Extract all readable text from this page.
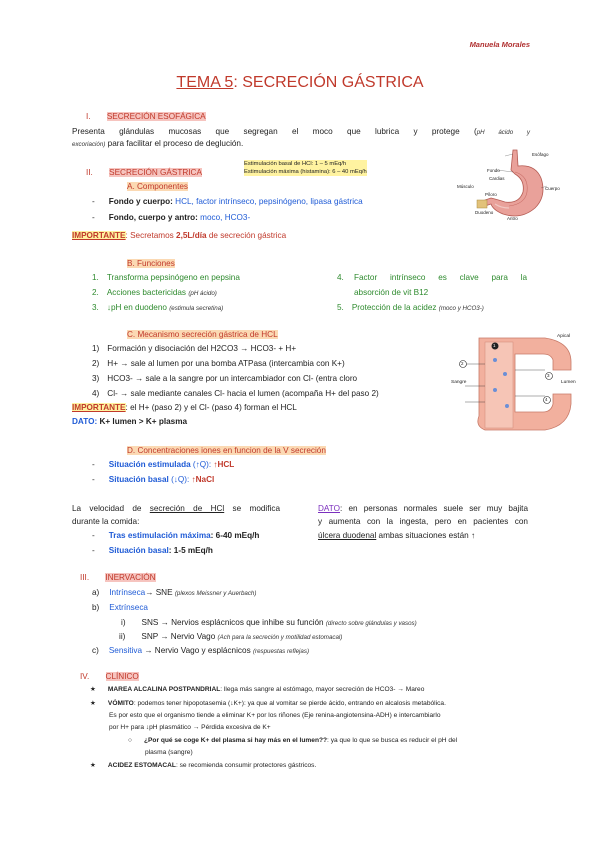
Manuela Morales
TEMA 5: SECRECIÓN GÁSTRICA
I. SECRECIÓN ESOFÁGICA
Presenta glándulas mucosas que segregan el moco que lubrica y protege (pH ácido y
excoriación) para facilitar el proceso de deglución.
II. SECRECIÓN GÁSTRICA
Estimulación basal de HCl: 1 – 5 mEq/h
Estimulación máxima (histamina): 6 – 40 mEq/h
A. Componentes
- Fondo y cuerpo: HCL, factor intrínseco, pepsinógeno, lipasa gástrica
- Fondo, cuerpo y antro: moco, HCO3-
IMPORTANTE: Secretamos 2,5L/día de secreción gástrica
B. Funciones
1. Transforma pepsinógeno en pepsina
2. Acciones bactericidas (pH ácido)
3. ↓pH en duodeno (estimula secretina)
4. Factor intrínseco es clave para la
absorción de vit B12
5. Protección de la acidez (moco y HCO3-)
C. Mecanismo secreción gástrica de HCL
1) Formación y disociación del H2CO3 → HCO3- + H+
2) H+ → sale al lumen por una bomba ATPasa (intercambia con K+)
3) HCO3- → sale a la sangre por un intercambiador con Cl- (entra cloro
4) Cl- → sale mediante canales Cl- hacia el lumen (acompaña H+ del paso 2)
IMPORTANTE: el H+ (paso 2) y el Cl- (paso 4) forman el HCL
DATO: K+ lumen > K+ plasma
D. Concentraciones iones en funcion de la V secreción
- Situación estimulada (↑Q): ↑HCL
- Situación basal (↓Q): ↑NaCl
La velocidad de secreción de HCl se modifica
durante la comida:
- Tras estimulación máxima: 6-40 mEq/h
- Situación basal: 1-5 mEq/h
DATO: en personas normales suele ser muy bajita
y aumenta con la ingesta, pero en pacientes con
úlcera duodenal ambas situaciones están ↑
III. INERVACIÓN
a) Intrínseca→ SNE (plexos Meissner y Auerbach)
b) Extrínseca
i) SNS → Nervios esplácnicos que inhibe su función (directo sobre glándulas y vasos)
ii) SNP → Nervio Vago (Ach para la secreción y motilidad estomacal)
c) Sensitiva → Nervio Vago y esplácnicos (respuestas reflejas)
IV. CLÍNICO
★ MAREA ALCALINA POSTPANDRIAL: llega más sangre al estómago, mayor secreción de HCO3- → Mareo
★ VÓMITO: podemos tener hipopotasemia (↓K+): ya que al vomitar se pierde ácido, entrando en alcalosis metabólica.
Es por esto que el organismo tiende a eliminar K+ por los riñones (Eje renina-angiotensina-ADH) e intercambiarlo
por H+ para ↓pH plasmático → Pérdida excesiva de K+
○ ¿Por qué se coge K+ del plasma si hay más en el lumen??: ya que lo que se busca es reducir el pH del
plasma (sangre)
★ ACIDEZ ESTOMACAL: se recomienda consumir protectores gástricos.
Esófago
Fondo
Cardias
Cuerpo
Músculo
Píloro
Duodeno
Antro
Apical
Sangre	Lumen
1
2
3
4
